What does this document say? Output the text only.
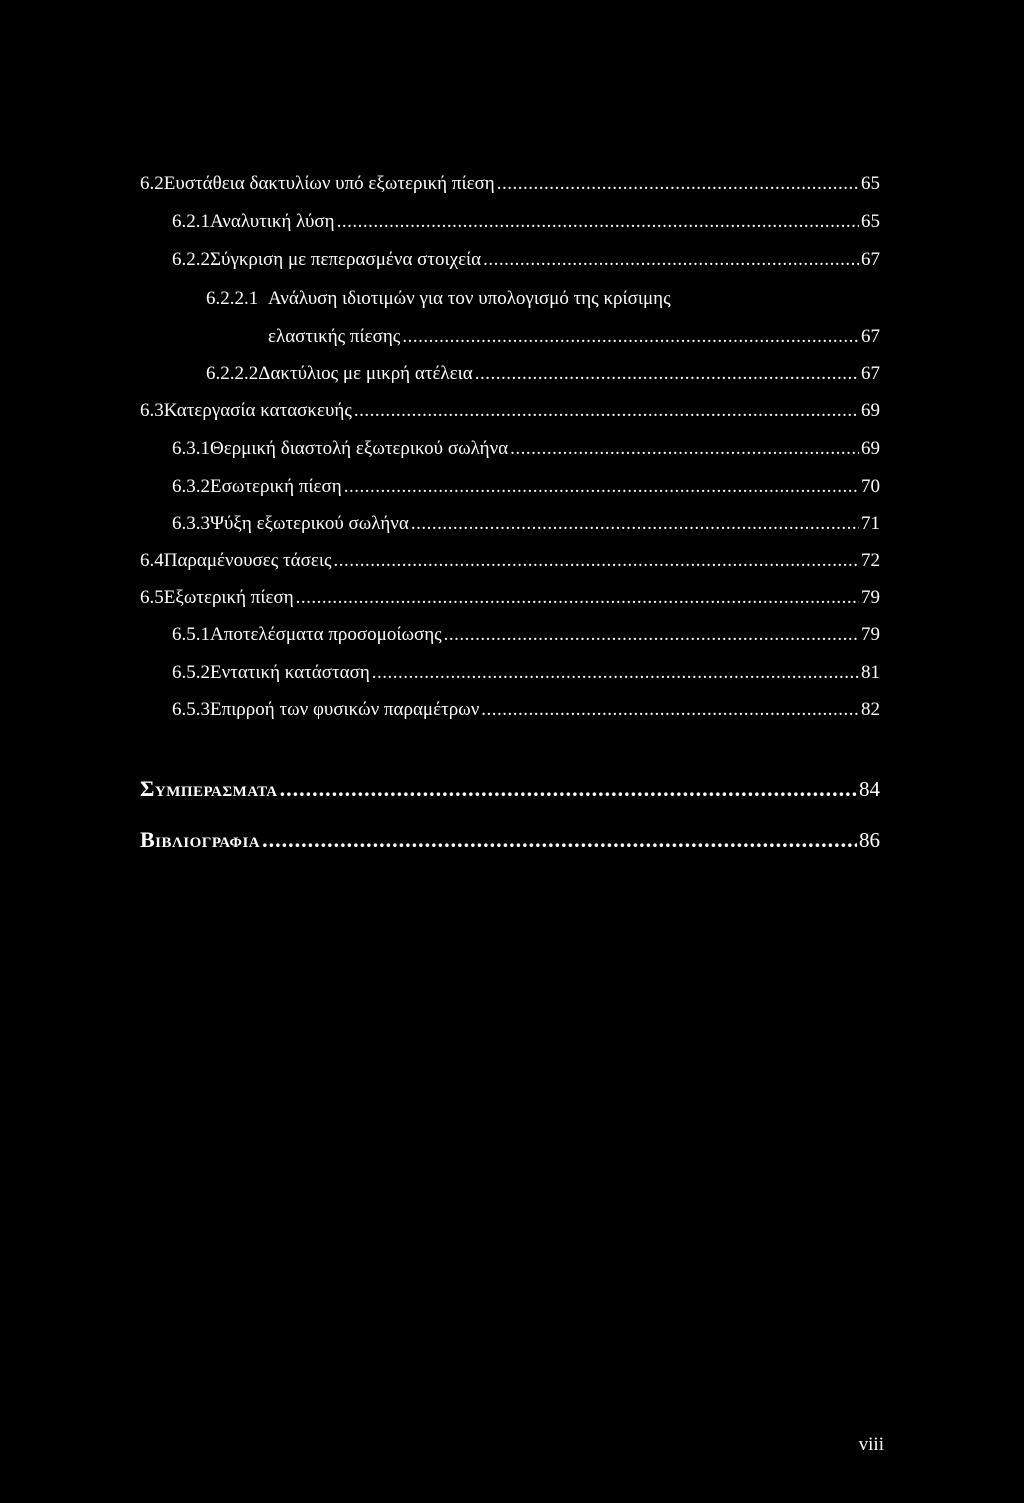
6.2 Ευστάθεια δακτυλίων υπό εξωτερική πίεση .....	65
6.2.1 Αναλυτική λύση .....	65
6.2.2 Σύγκριση με πεπερασμένα στοιχεία .....	67
6.2.2.1 Ανάλυση ιδιοτιμών για τον υπολογισμό της κρίσιμης
ελαστικής πίεσης .....	67
6.2.2.2 Δακτύλιος με μικρή ατέλεια .....	67
6.3 Κατεργασία κατασκευής .....	69
6.3.1 Θερμική διαστολή εξωτερικού σωλήνα .....	69
6.3.2 Εσωτερική πίεση .....	70
6.3.3 Ψύξη εξωτερικού σωλήνα .....	71
6.4 Παραμένουσες τάσεις .....	72
6.5 Εξωτερική πίεση .....	79
6.5.1 Αποτελέσματα προσομοίωσης .....	79
6.5.2 Εντατική κατάσταση .....	81
6.5.3 Επιρροή των φυσικών παραμέτρων .....	82
Συμπερασματα .....	84
Βιβλιογραφια .....	86
viii
